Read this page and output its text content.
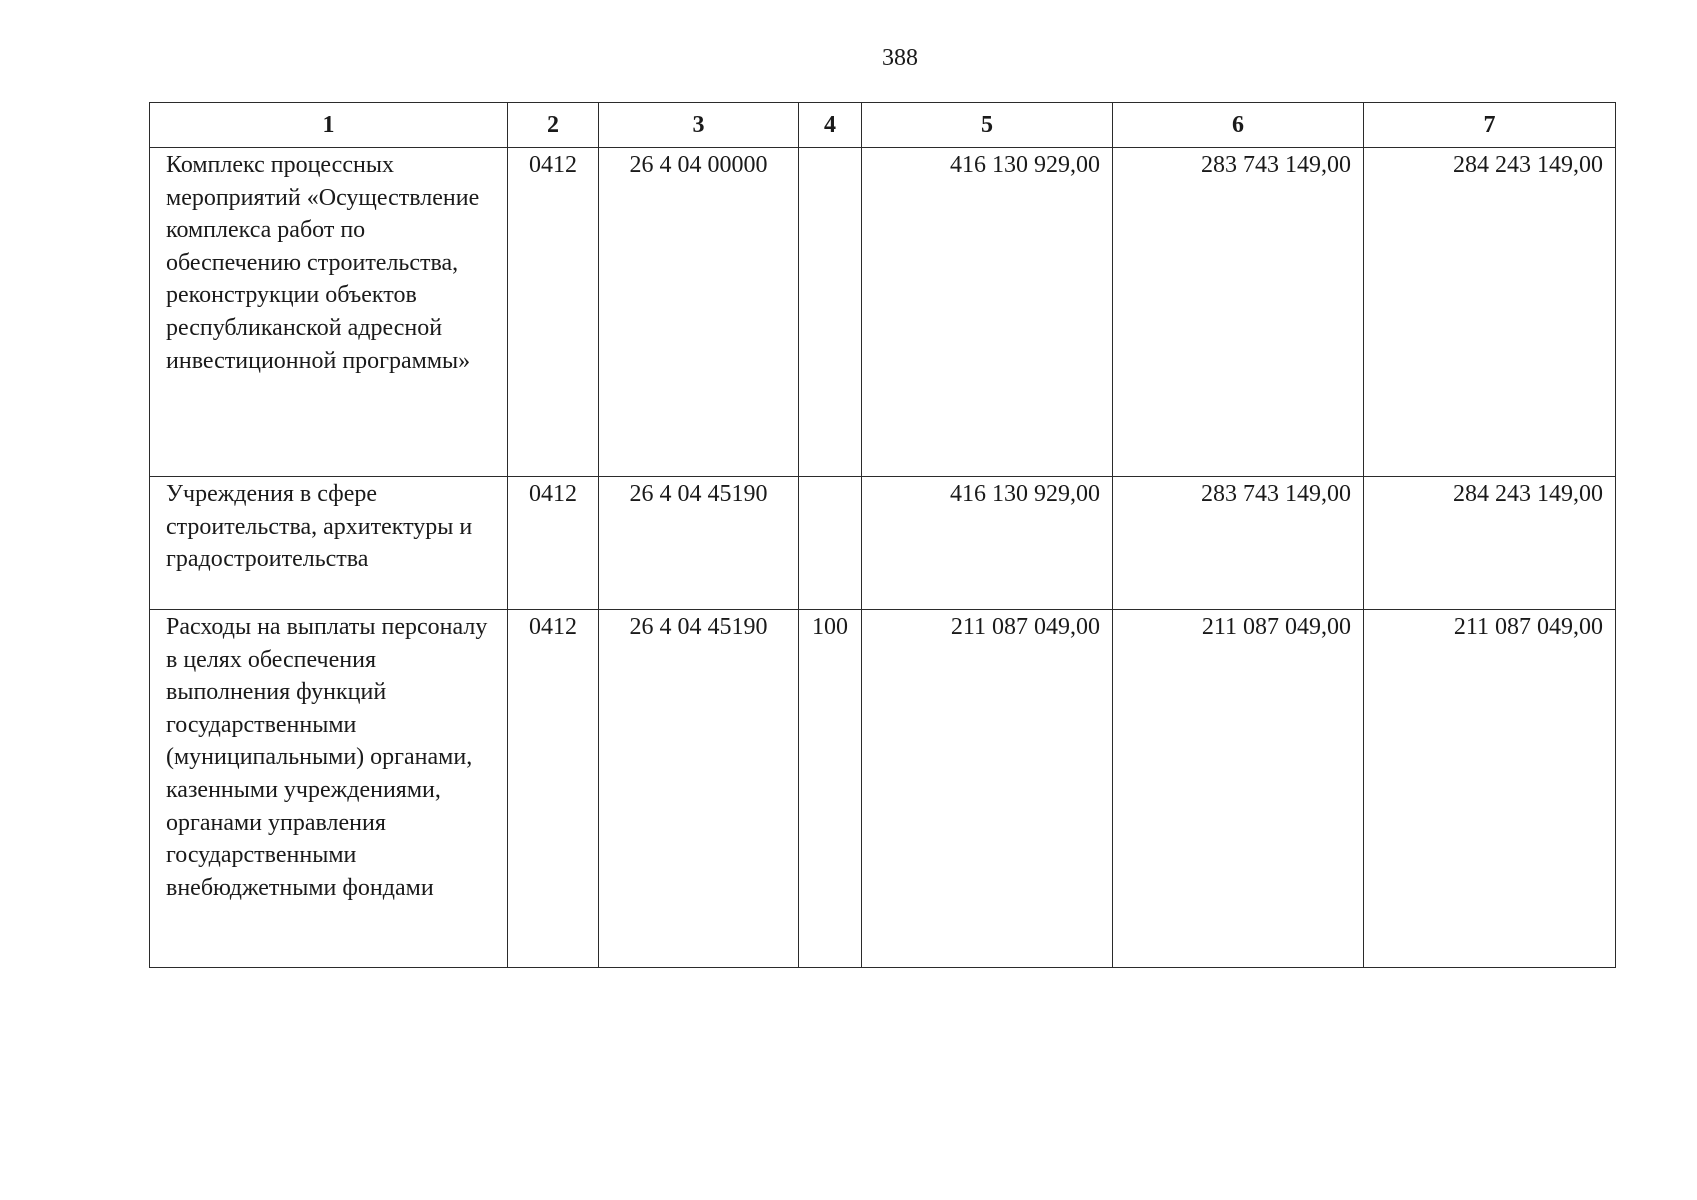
388
1	2	3	4	5	6	7
Комплекс процессных мероприятий «Осуществление комплекса работ по обеспечению строительства, реконструкции объектов республиканской адресной инвестиционной программы»	0412	26 4 04 00000		416 130 929,00	283 743 149,00	284 243 149,00
Учреждения в сфере строительства, архитектуры и градостроительства	0412	26 4 04 45190		416 130 929,00	283 743 149,00	284 243 149,00
Расходы на выплаты персоналу в целях обеспечения выполнения функций государственными (муниципальными) органами, казенными учреждениями, органами управления государственными внебюджетными фондами	0412	26 4 04 45190	100	211 087 049,00	211 087 049,00	211 087 049,00
